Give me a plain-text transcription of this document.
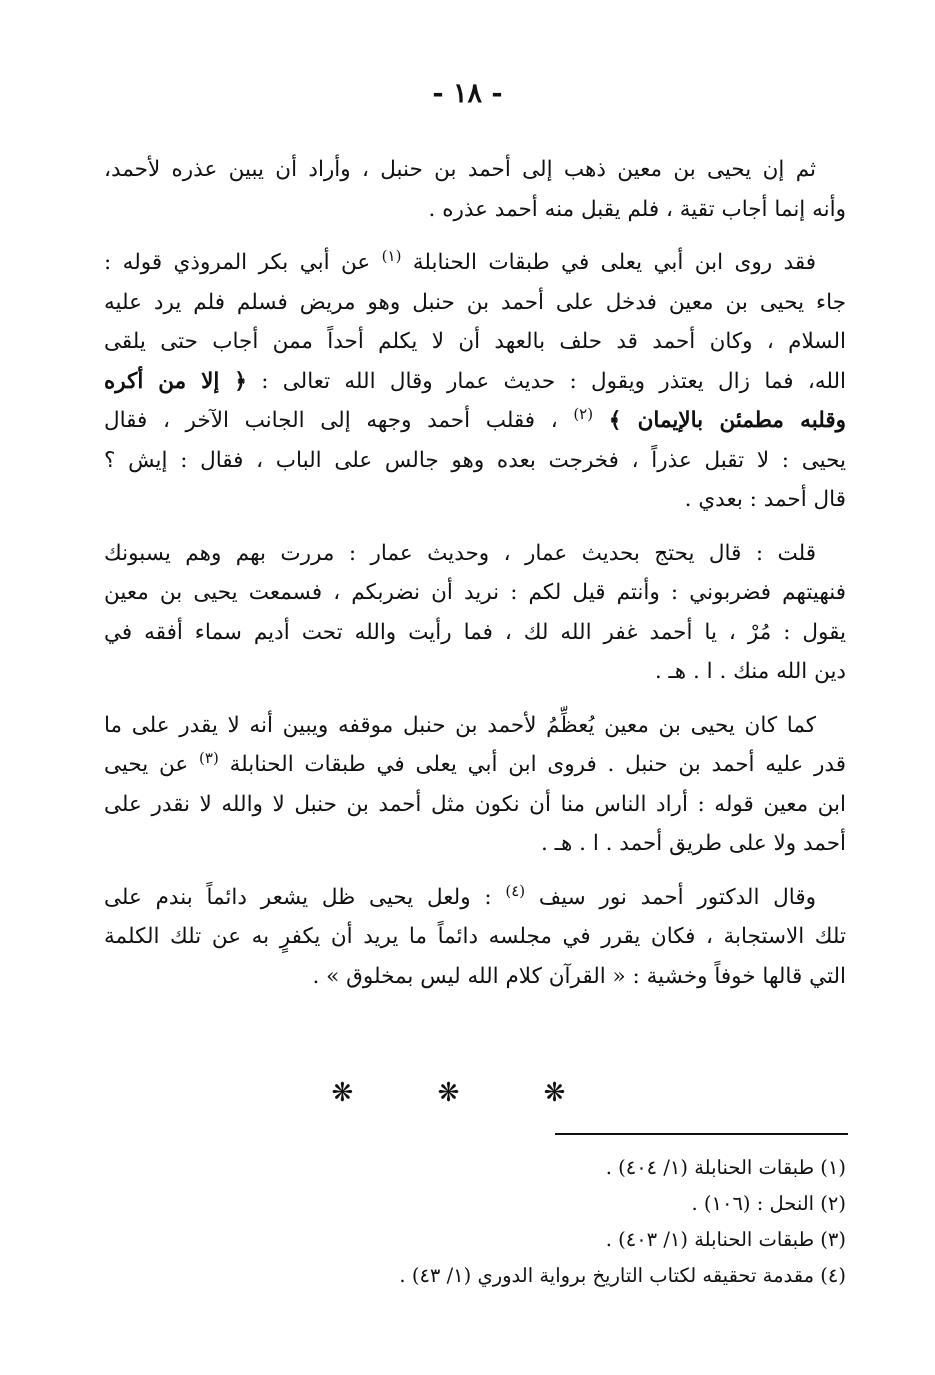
- ١٨ -

ثم إن يحيى بن معين ذهب إلى أحمد بن حنبل ، وأراد أن يبين عذره لأحمد،
وأنه إنما أجاب تقية ، فلم يقبل منه أحمد عذره .

فقد روى ابن أبي يعلى في طبقات الحنابلة $^{(١)}$ عن أبي بكر المروذي قوله :
جاء يحيى بن معين فدخل على أحمد بن حنبل وهو مريض فسلم فلم يرد عليه
السلام ، وكان أحمد قد حلف بالعهد أن لا يكلم أحداً ممن أجاب حتى يلقى
الله، فما زال يعتذر ويقول : حديث عمار وقال الله تعالى : ﴿ إلا من أكره
وقلبه مطمئن بالإيمان ﴾ $^{(٢)}$ ، فقلب أحمد وجهه إلى الجانب الآخر ، فقال
يحيى : لا تقبل عذراً ، فخرجت بعده وهو جالس على الباب ، فقال : إيش ؟
قال أحمد : بعدي .

قلت : قال يحتج بحديث عمار ، وحديث عمار : مررت بهم وهم يسبونك
فنهيتهم فضربوني : وأنتم قيل لكم : نريد أن نضربكم ، فسمعت يحيى بن معين
يقول : مُرْ ، يا أحمد غفر الله لك ، فما رأيت والله تحت أديم سماء أفقه في
دين الله منك . ا . هـ .

كما كان يحيى بن معين يُعظِّمُ لأحمد بن حنبل موقفه ويبين أنه لا يقدر على ما
قدر عليه أحمد بن حنبل . فروى ابن أبي يعلى في طبقات الحنابلة $^{(٣)}$ عن يحيى
ابن معين قوله : أراد الناس منا أن نكون مثل أحمد بن حنبل لا والله لا نقدر على
أحمد ولا على طريق أحمد . ا . هـ .

وقال الدكتور أحمد نور سيف $^{(٤)}$ : ولعل يحيى ظل يشعر دائماً بندم على
تلك الاستجابة ، فكان يقرر في مجلسه دائماً ما يريد أن يكفرٍ به عن تلك الكلمة
التي قالها خوفاً وخشية : « القرآن كلام الله ليس بمخلوق » .

❋ ❋ ❋
(١) طبقات الحنابلة (١/ ٤٠٤) .
(٢) النحل : (١٠٦) .
(٣) طبقات الحنابلة (١/ ٤٠٣) .
(٤) مقدمة تحقيقه لكتاب التاريخ برواية الدوري (١/ ٤٣) .
